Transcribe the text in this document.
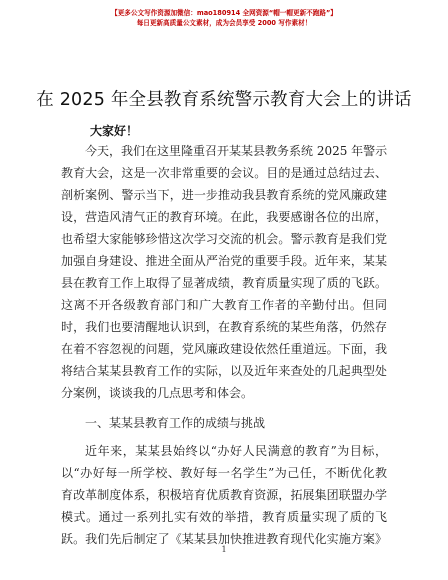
【更多公文写作资源加微信：mao180914 全网资源“帽一帽更新不跑路”】
每日更新高质量公文素材，成为会员享受 2000 写作素材！
在 2025 年全县教育系统警示教育大会上的讲话
大家好！
今天，我们在这里隆重召开某某县教务系统 2025 年警示
教育大会，这是一次非常重要的会议。目的是通过总结过去、
剖析案例、警示当下，进一步推动我县教育系统的党风廉政建
设，营造风清气正的教育环境。在此，我要感谢各位的出席，
也希望大家能够珍惜这次学习交流的机会。警示教育是我们党
加强自身建设、推进全面从严治党的重要手段。近年来，某某
县在教育工作上取得了显著成绩，教育质量实现了质的飞跃。
这离不开各级教育部门和广大教育工作者的辛勤付出。但同
时，我们也要清醒地认识到，在教育系统的某些角落，仍然存
在着不容忽视的问题，党风廉政建设依然任重道远。下面，我
将结合某某县教育工作的实际，以及近年来查处的几起典型处
分案例，谈谈我的几点思考和体会。
一、某某县教育工作的成绩与挑战
近年来，某某县始终以“办好人民满意的教育”为目标，
以“办好每一所学校、教好每一名学生”为己任，不断优化教
育改革制度体系，积极培育优质教育资源，拓展集团联盟办学
模式。通过一系列扎实有效的举措，教育质量实现了质的飞
跃。我们先后制定了《某某县加快推进教育现代化实施方案》
1
